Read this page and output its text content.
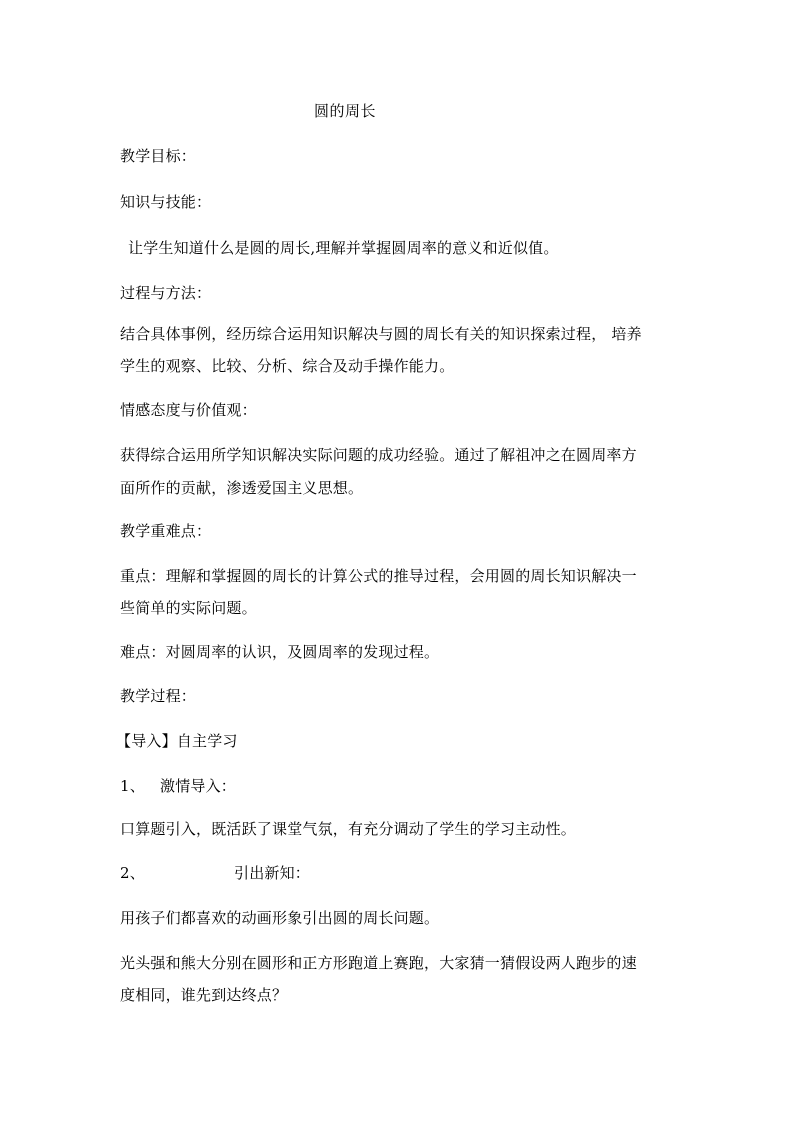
圆的周长
教学目标：
知识与技能：
让学生知道什么是圆的周长,理解并掌握圆周率的意义和近似值。
过程与方法：
结合具体事例，经历综合运用知识解决与圆的周长有关的知识探索过程， 培养
学生的观察、比较、分析、综合及动手操作能力。
情感态度与价值观：
获得综合运用所学知识解决实际问题的成功经验。通过了解祖冲之在圆周率方
面所作的贡献，渗透爱国主义思想。
教学重难点：
重点：理解和掌握圆的周长的计算公式的推导过程，会用圆的周长知识解决一
些简单的实际问题。
难点：对圆周率的认识，及圆周率的发现过程。
教学过程：
【导入】自主学习
1、 激情导入：
口算题引入，既活跃了课堂气氛，有充分调动了学生的学习主动性。
2、	引出新知：
用孩子们都喜欢的动画形象引出圆的周长问题。
光头强和熊大分别在圆形和正方形跑道上赛跑，大家猜一猜假设两人跑步的速
度相同，谁先到达终点？
